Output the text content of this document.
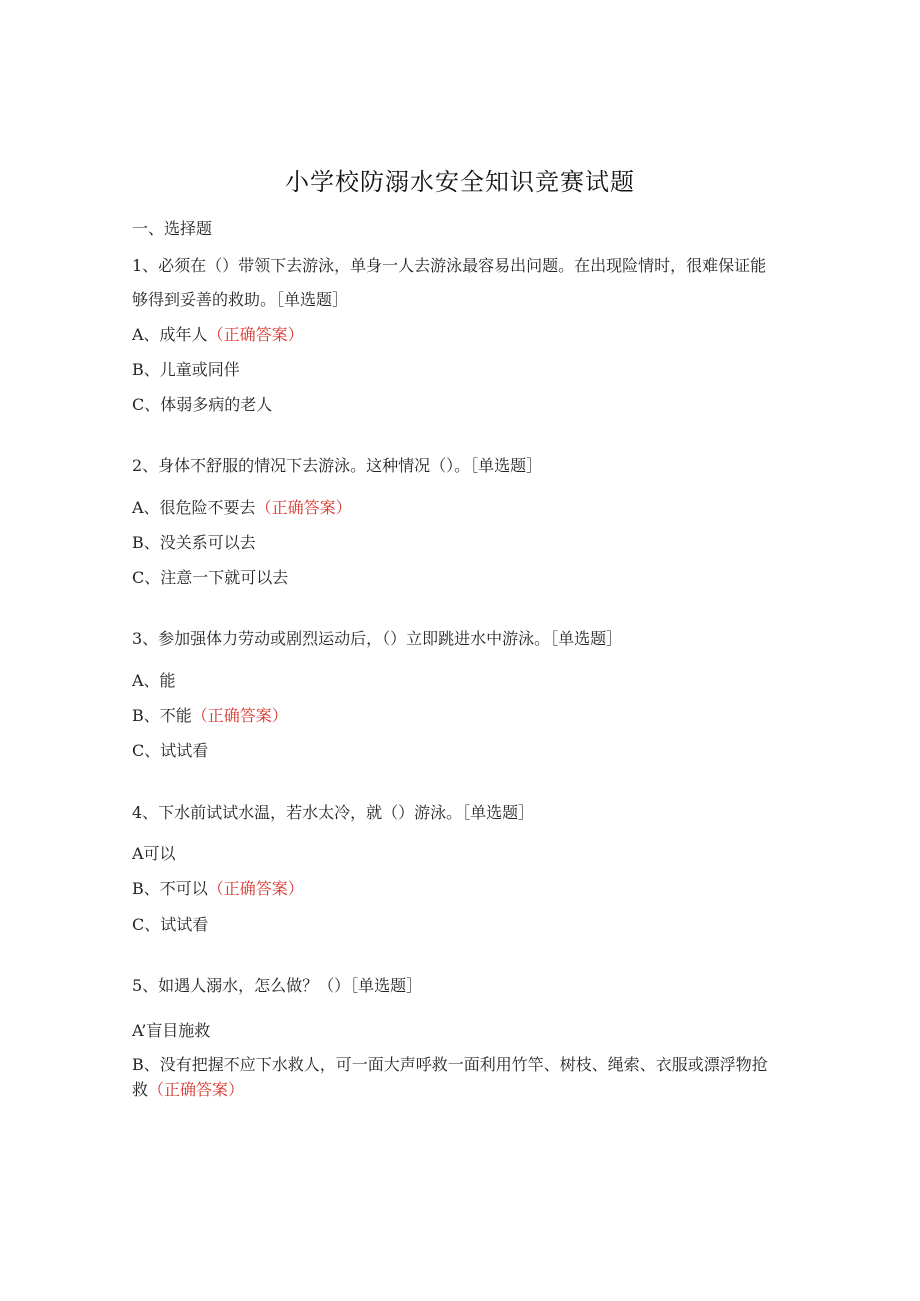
小学校防溺水安全知识竞赛试题
一、选择题
1、必须在（）带领下去游泳，单身一人去游泳最容易出问题。在出现险情时，很难保证能够得到妥善的救助。［单选题］
A、成年人（正确答案）
B、儿童或同伴
C、体弱多病的老人
2、身体不舒服的情况下去游泳。这种情况（）。［单选题］
A、很危险不要去（正确答案）
B、没关系可以去
C、注意一下就可以去
3、参加强体力劳动或剧烈运动后，（）立即跳进水中游泳。［单选题］
A、能
B、不能（正确答案）
C、试试看
4、下水前试试水温，若水太冷，就（）游泳。［单选题］
A可以
B、不可以（正确答案）
C、试试看
5、如遇人溺水，怎么做？（）［单选题］
A’盲目施救
B、没有把握不应下水救人，可一面大声呼救一面利用竹竿、树枝、绳索、衣服或漂浮物抢救（正确答案）
